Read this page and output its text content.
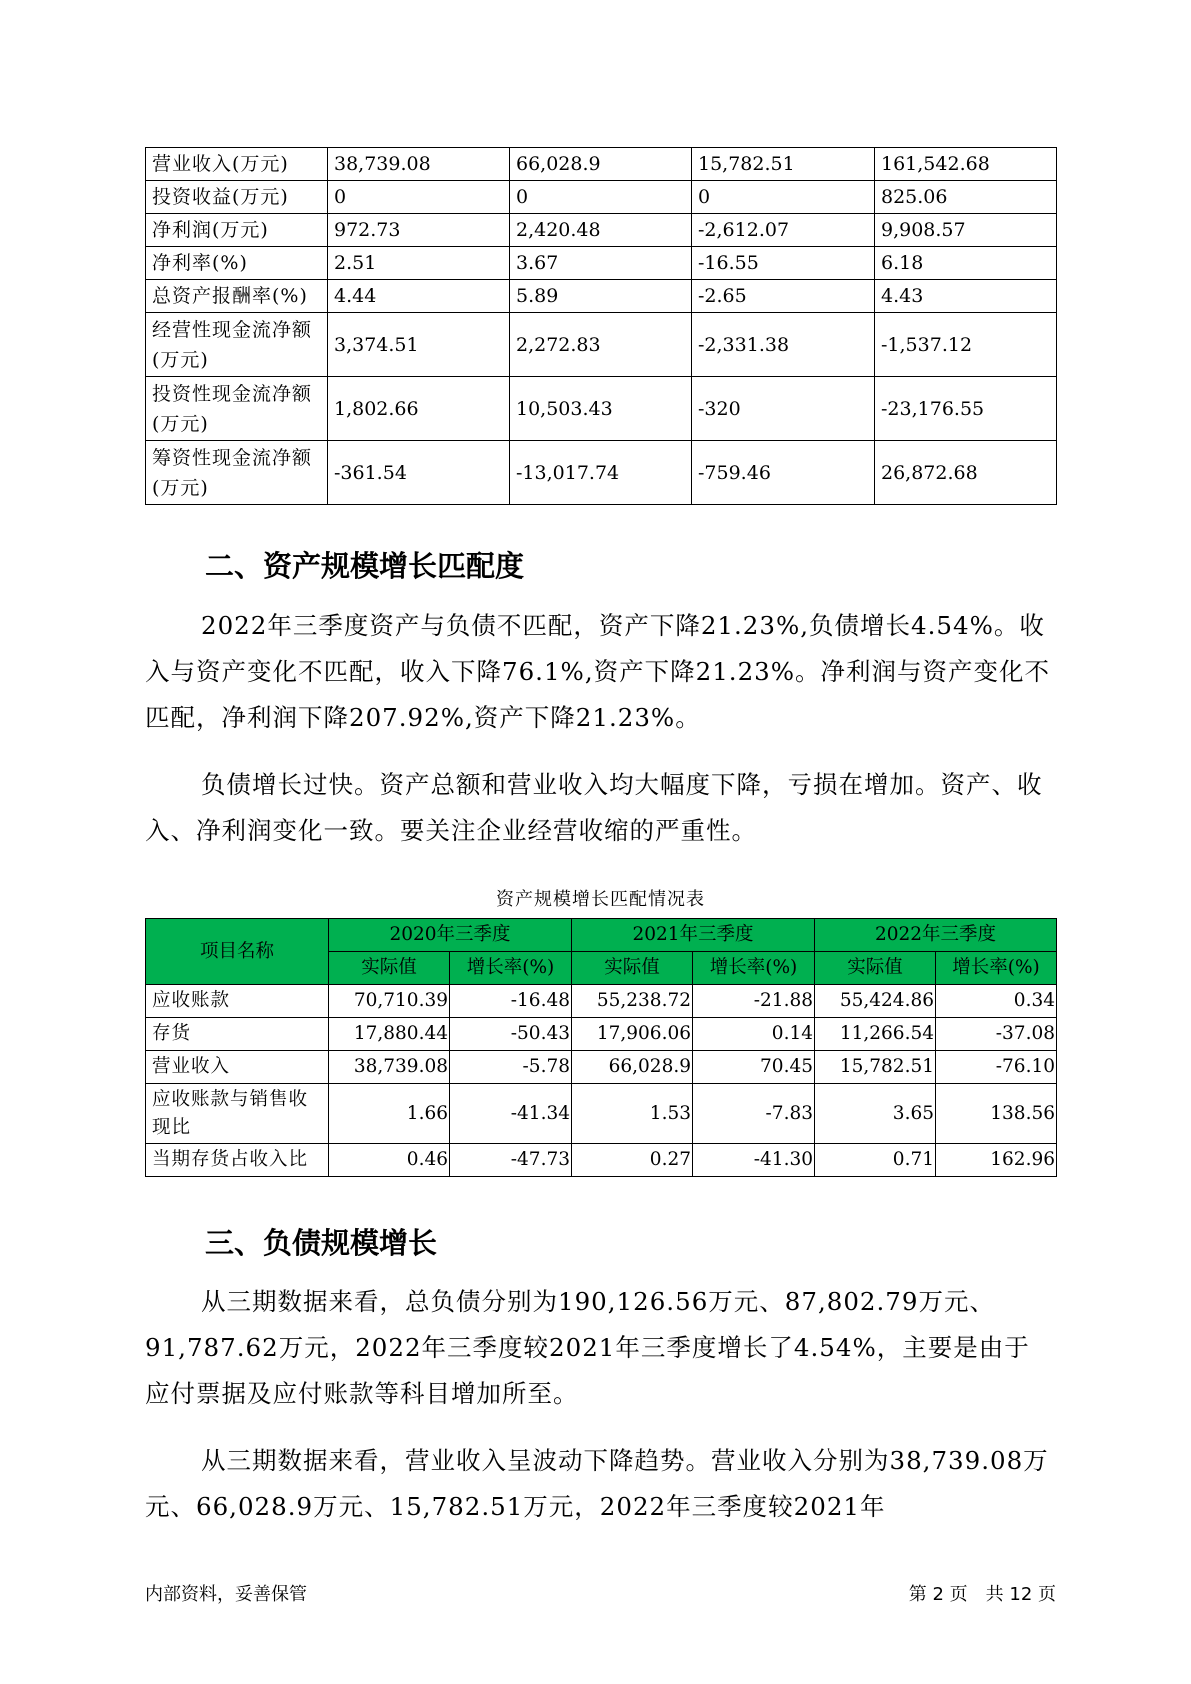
营业收入(万元)	38,739.08	66,028.9	15,782.51	161,542.68
投资收益(万元)	0	0	0	825.06
净利润(万元)	972.73	2,420.48	-2,612.07	9,908.57
净利率(%)	2.51	3.67	-16.55	6.18
总资产报酬率(%)	4.44	5.89	-2.65	4.43
经营性现金流净额(万元)	3,374.51	2,272.83	-2,331.38	-1,537.12
投资性现金流净额(万元)	1,802.66	10,503.43	-320	-23,176.55
筹资性现金流净额(万元)	-361.54	-13,017.74	-759.46	26,872.68
二、资产规模增长匹配度

2022年三季度资产与负债不匹配，资产下降21.23%,负债增长4.54%。收入与资产变化不匹配，收入下降76.1%,资产下降21.23%。净利润与资产变化不匹配，净利润下降207.92%,资产下降21.23%。

负债增长过快。资产总额和营业收入均大幅度下降，亏损在增加。资产、收入、净利润变化一致。要关注企业经营收缩的严重性。

资产规模增长匹配情况表
项目名称	2020年三季度		2021年三季度		2022年三季度	
	实际值	增长率(%)	实际值	增长率(%)	实际值	增长率(%)
应收账款	70,710.39	-16.48	55,238.72	-21.88	55,424.86	0.34
存货	17,880.44	-50.43	17,906.06	0.14	11,266.54	-37.08
营业收入	38,739.08	-5.78	66,028.9	70.45	15,782.51	-76.10
应收账款与销售收现比	1.66	-41.34	1.53	-7.83	3.65	138.56
当期存货占收入比	0.46	-47.73	0.27	-41.30	0.71	162.96
三、负债规模增长

从三期数据来看，总负债分别为190,126.56万元、87,802.79万元、91,787.62万元，2022年三季度较2021年三季度增长了4.54%，主要是由于应付票据及应付账款等科目增加所至。

从三期数据来看，营业收入呈波动下降趋势。营业收入分别为38,739.08万元、66,028.9万元、15,782.51万元，2022年三季度较2021年

内部资料，妥善保管	第 2 页　共 12 页
